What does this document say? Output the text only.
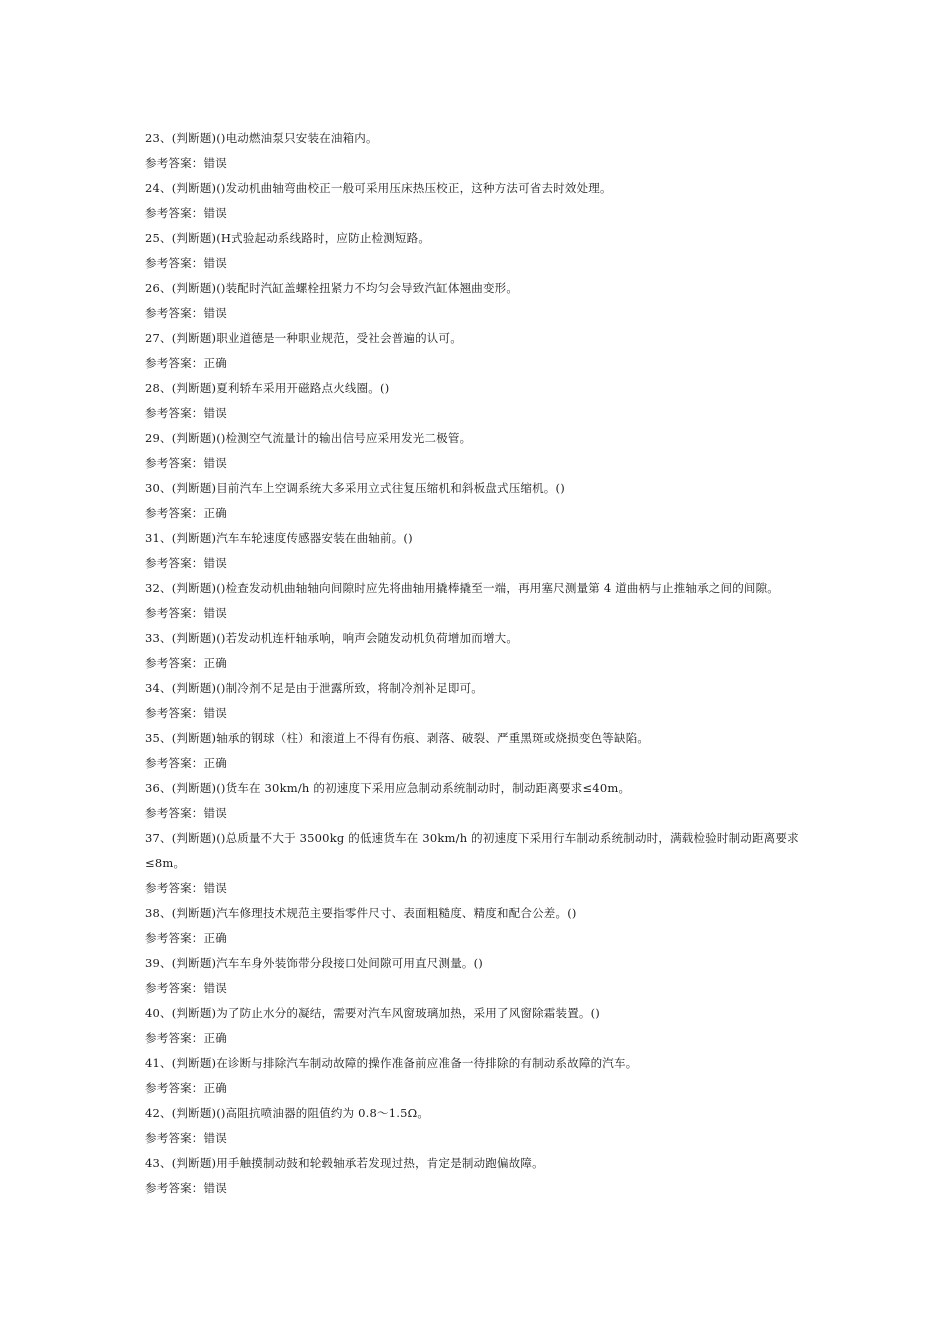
23、(判断题)()电动燃油泵只安装在油箱内。
参考答案：错误
24、(判断题)()发动机曲轴弯曲校正一般可采用压床热压校正，这种方法可省去时效处理。
参考答案：错误
25、(判断题)(H式验起动系线路时，应防止检测短路。
参考答案：错误
26、(判断题)()装配时汽缸盖螺栓扭紧力不均匀会导致汽缸体翘曲变形。
参考答案：错误
27、(判断题)职业道德是一种职业规范，受社会普遍的认可。
参考答案：正确
28、(判断题)夏利轿车采用开磁路点火线圈。()
参考答案：错误
29、(判断题)()检测空气流量计的输出信号应采用发光二极管。
参考答案：错误
30、(判断题)目前汽车上空调系统大多采用立式往复压缩机和斜板盘式压缩机。()
参考答案：正确
31、(判断题)汽车车轮速度传感器安装在曲轴前。()
参考答案：错误
32、(判断题)()检查发动机曲轴轴向间隙时应先将曲轴用撬棒撬至一端，再用塞尺测量第 4 道曲柄与止推轴承之间的间隙。
参考答案：错误
33、(判断题)()若发动机连杆轴承响，响声会随发动机负荷增加而增大。
参考答案：正确
34、(判断题)()制冷剂不足是由于泄露所致，将制冷剂补足即可。
参考答案：错误
35、(判断题)轴承的钢球（柱）和滚道上不得有伤痕、剥落、破裂、严重黑斑或烧损变色等缺陷。
参考答案：正确
36、(判断题)()货车在 30km/h 的初速度下采用应急制动系统制动时，制动距离要求≤40m。
参考答案：错误
37、(判断题)()总质量不大于 3500kg 的低速货车在 30km/h 的初速度下采用行车制动系统制动时，满载检验时制动距离要求≤8m。
参考答案：错误
38、(判断题)汽车修理技术规范主要指零件尺寸、表面粗糙度、精度和配合公差。()
参考答案：正确
39、(判断题)汽车车身外装饰带分段接口处间隙可用直尺测量。()
参考答案：错误
40、(判断题)为了防止水分的凝结，需要对汽车风窗玻璃加热，采用了风窗除霜装置。()
参考答案：正确
41、(判断题)在诊断与排除汽车制动故障的操作准备前应准备一待排除的有制动系故障的汽车。
参考答案：正确
42、(判断题)()高阻抗喷油器的阻值约为 0.8～1.5Ω。
参考答案：错误
43、(判断题)用手触摸制动鼓和轮毂轴承若发现过热，肯定是制动跑偏故障。
参考答案：错误
